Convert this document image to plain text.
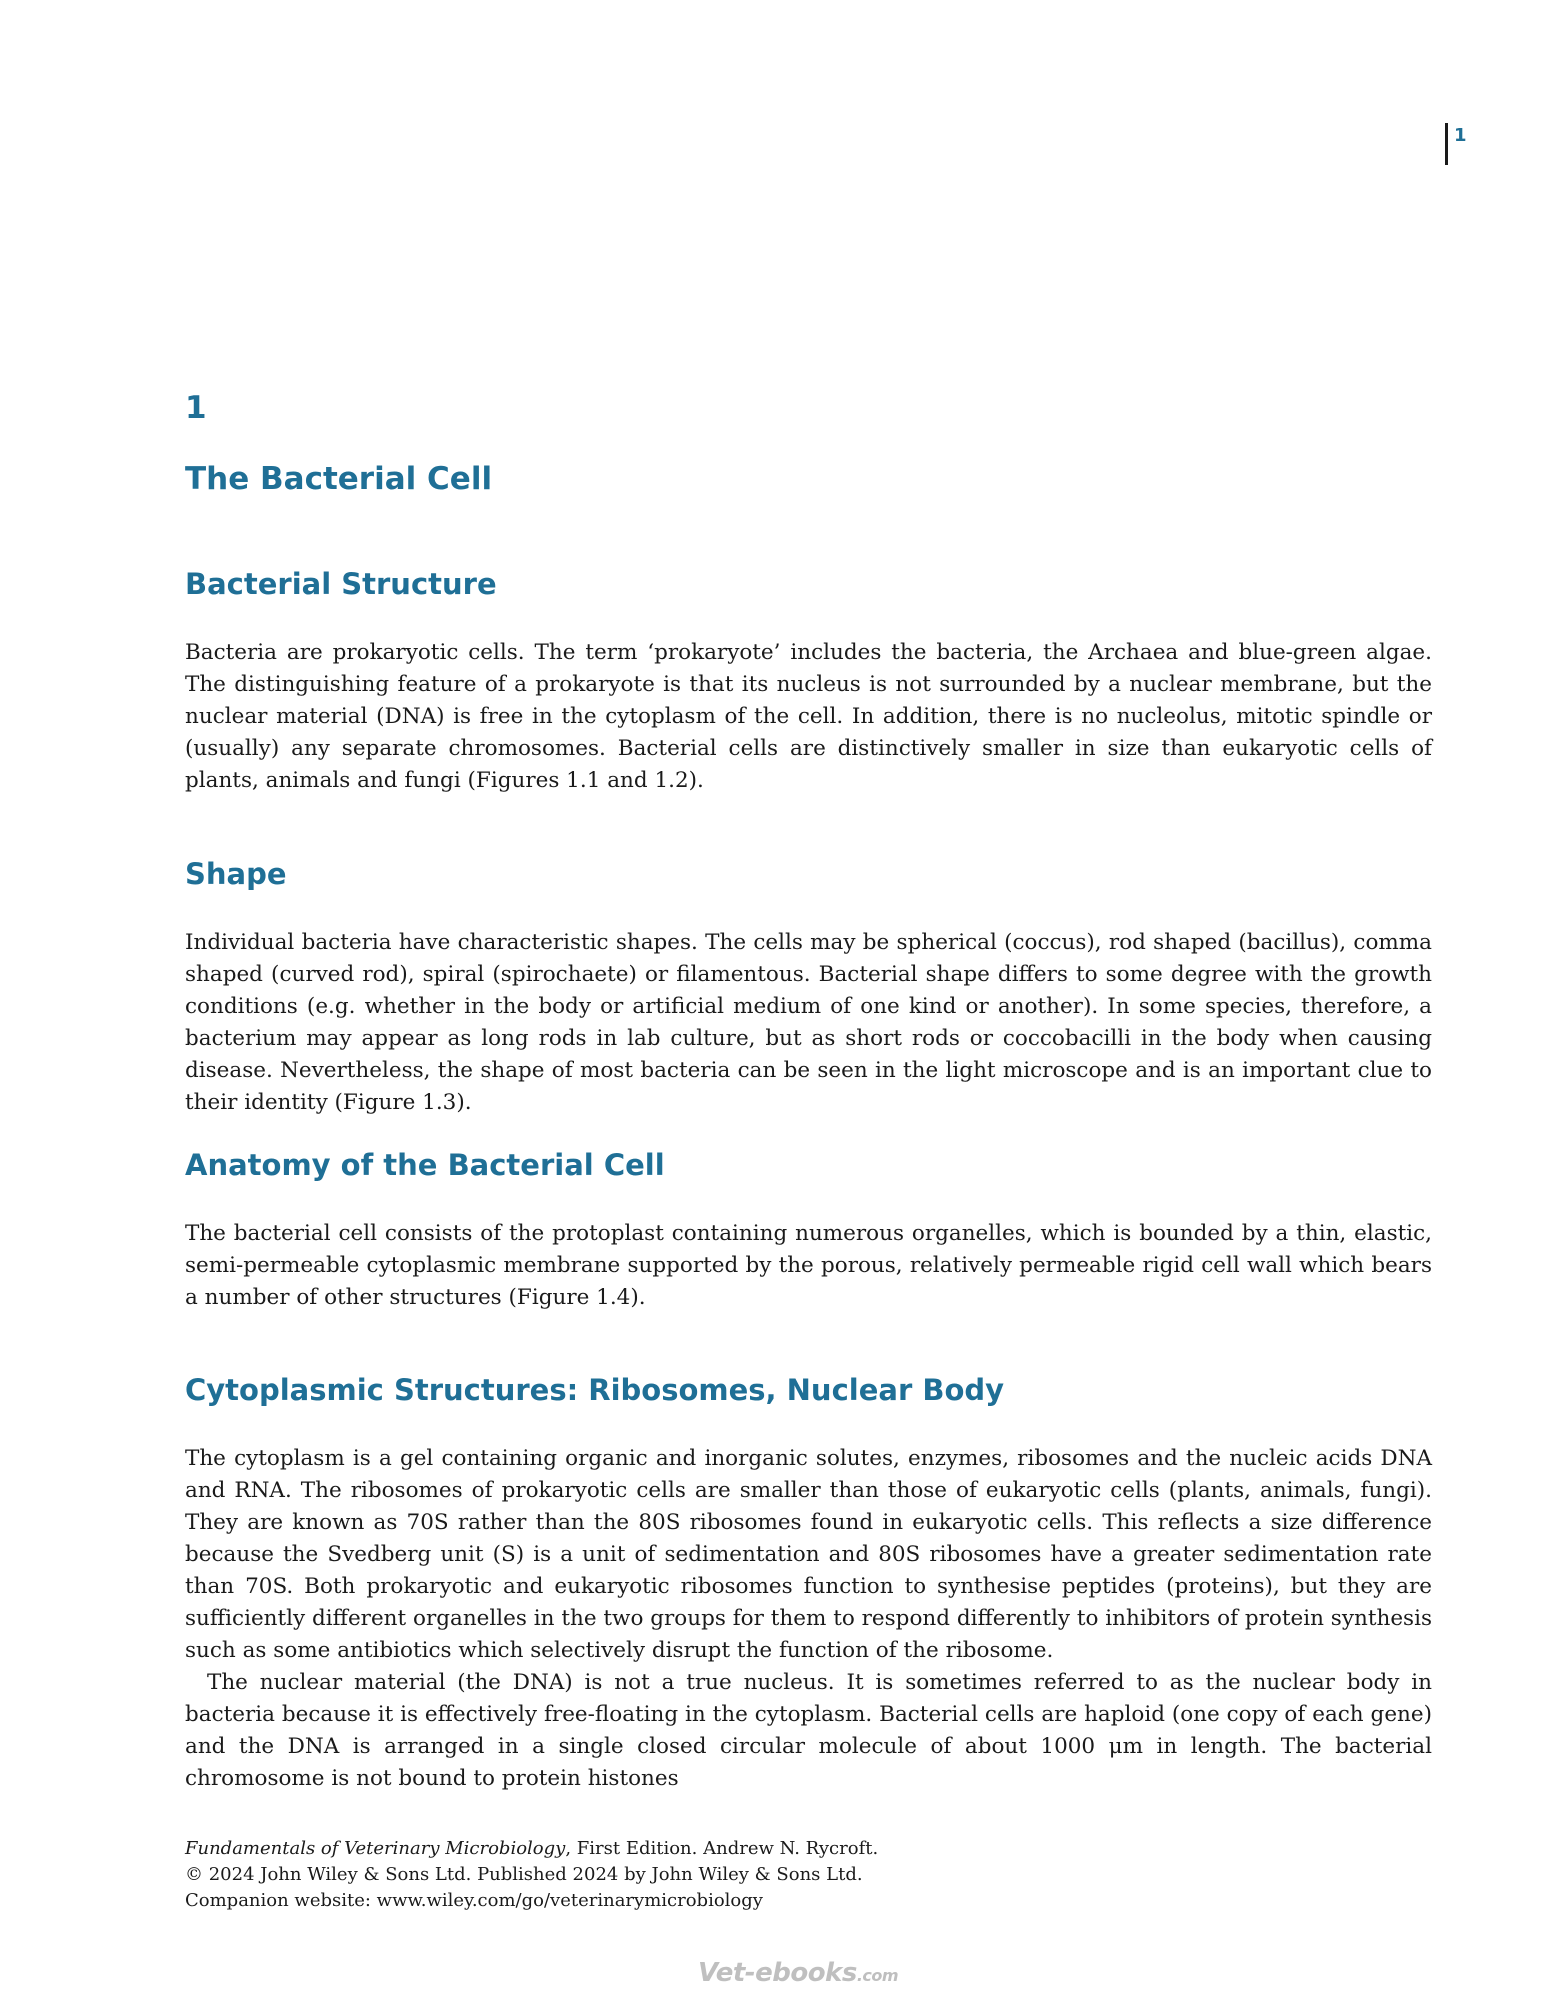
1
1
The Bacterial Cell
Bacterial Structure

Bacteria are prokaryotic cells. The term ‘prokaryote’ includes the bacteria, the Archaea and blue-green algae. The distinguishing feature of a prokaryote is that its nucleus is not surrounded by a nuclear membrane, but the nuclear material (DNA) is free in the cytoplasm of the cell. In addition, there is no nucleolus, mitotic spindle or (usually) any separate chromosomes. Bacterial cells are distinctively smaller in size than eukaryotic cells of plants, animals and fungi (Figures 1.1 and 1.2).

Shape

Individual bacteria have characteristic shapes. The cells may be spherical (coccus), rod shaped (bacillus), comma shaped (curved rod), spiral (spirochaete) or filamentous. Bacterial shape differs to some degree with the growth conditions (e.g. whether in the body or artificial medium of one kind or another). In some species, therefore, a bacterium may appear as long rods in lab culture, but as short rods or coccobacilli in the body when causing disease. Nevertheless, the shape of most bacteria can be seen in the light microscope and is an important clue to their identity (Figure 1.3).

Anatomy of the Bacterial Cell

The bacterial cell consists of the protoplast containing numerous organelles, which is bounded by a thin, elastic, semi-permeable cytoplasmic membrane supported by the porous, relatively permeable rigid cell wall which bears a number of other structures (Figure 1.4).

Cytoplasmic Structures: Ribosomes, Nuclear Body

The cytoplasm is a gel containing organic and inorganic solutes, enzymes, ribosomes and the nucleic acids DNA and RNA. The ribosomes of prokaryotic cells are smaller than those of eukaryotic cells (plants, animals, fungi). They are known as 70S rather than the 80S ribosomes found in eukaryotic cells. This reflects a size difference because the Svedberg unit (S) is a unit of sedimentation and 80S ribosomes have a greater sedimentation rate than 70S. Both prokaryotic and eukaryotic ribosomes function to synthesise peptides (proteins), but they are sufficiently different organelles in the two groups for them to respond differently to inhibitors of protein synthesis such as some antibiotics which selectively disrupt the function of the ribosome.

The nuclear material (the DNA) is not a true nucleus. It is sometimes referred to as the nuclear body in bacteria because it is effectively free-floating in the cytoplasm. Bacterial cells are haploid (one copy of each gene) and the DNA is arranged in a single closed circular molecule of about 1000 μm in length. The bacterial chromosome is not bound to protein histones

Fundamentals of Veterinary Microbiology, First Edition. Andrew N. Rycroft.
© 2024 John Wiley & Sons Ltd. Published 2024 by John Wiley & Sons Ltd.
Companion website: www.wiley.com/go/veterinarymicrobiology
Vet-ebooks.com
